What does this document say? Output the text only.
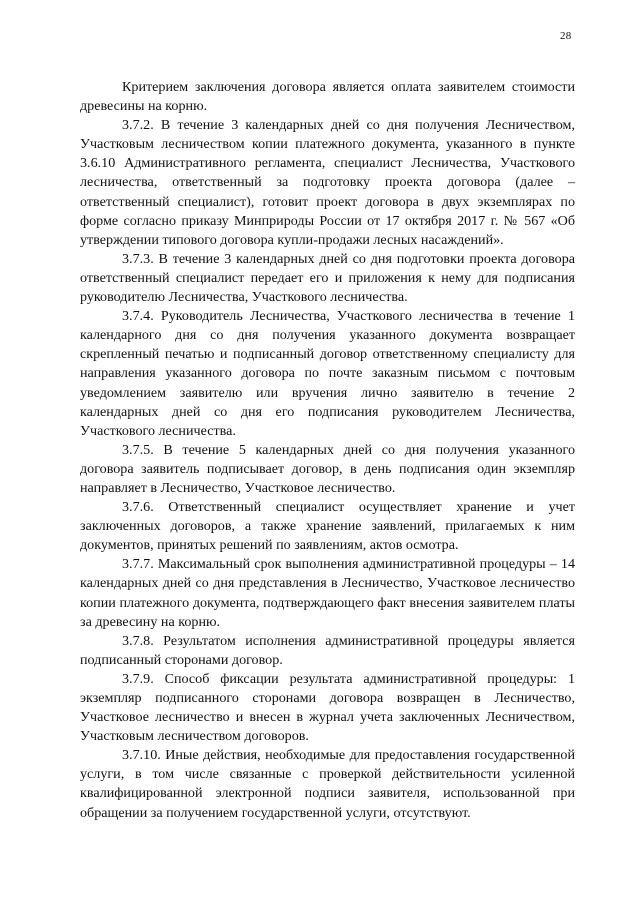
28

Критерием заключения договора является оплата заявителем стоимости древесины на корню.

3.7.2. В течение 3 календарных дней со дня получения Лесничеством, Участковым лесничеством копии платежного документа, указанного в пункте 3.6.10 Административного регламента, специалист Лесничества, Участкового лесничества, ответственный за подготовку проекта договора (далее – ответственный специалист), готовит проект договора в двух экземплярах по форме согласно приказу Минприроды России от 17 октября 2017 г. № 567 «Об утверждении типового договора купли-продажи лесных насаждений».

3.7.3. В течение 3 календарных дней со дня подготовки проекта договора ответственный специалист передает его и приложения к нему для подписания руководителю Лесничества, Участкового лесничества.

3.7.4. Руководитель Лесничества, Участкового лесничества в течение 1 календарного дня со дня получения указанного документа возвращает скрепленный печатью и подписанный договор ответственному специалисту для направления указанного договора по почте заказным письмом с почтовым уведомлением заявителю или вручения лично заявителю в течение 2 календарных дней со дня его подписания руководителем Лесничества, Участкового лесничества.

3.7.5. В течение 5 календарных дней со дня получения указанного договора заявитель подписывает договор, в день подписания один экземпляр направляет в Лесничество, Участковое лесничество.

3.7.6. Ответственный специалист осуществляет хранение и учет заключенных договоров, а также хранение заявлений, прилагаемых к ним документов, принятых решений по заявлениям, актов осмотра.

3.7.7. Максимальный срок выполнения административной процедуры – 14 календарных дней со дня представления в Лесничество, Участковое лесничество копии платежного документа, подтверждающего факт внесения заявителем платы за древесину на корню.

3.7.8. Результатом исполнения административной процедуры является подписанный сторонами договор.

3.7.9. Способ фиксации результата административной процедуры: 1 экземпляр подписанного сторонами договора возвращен в Лесничество, Участковое лесничество и внесен в журнал учета заключенных Лесничеством, Участковым лесничеством договоров.

3.7.10. Иные действия, необходимые для предоставления государственной услуги, в том числе связанные с проверкой действительности усиленной квалифицированной электронной подписи заявителя, использованной при обращении за получением государственной услуги, отсутствуют.
